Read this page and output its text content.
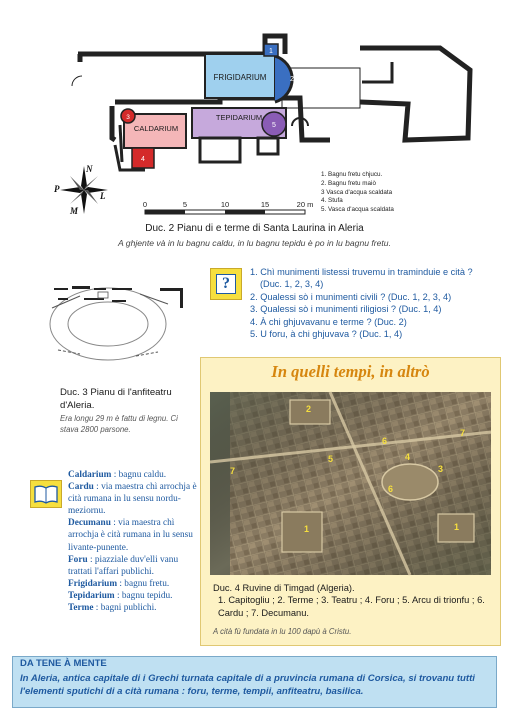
FRIGIDARIUM
TEPIDARIUM
CALDARIUM
1
2
3
4
5
N
P
L
M
0	5	10	15	20 m
1. Bagnu fretu chjucu.
2. Bagnu fretu maiò
3 Vasca d'acqua scaldata
4. Stufa
5. Vasca d'acqua scaldata
Duc. 2 Pianu di e terme di Santa Laurina in Aleria
A ghjente và in lu bagnu caldu, in lu bagnu tepidu è po in lu bagnu fretu.
Duc. 3 Pianu di l'anfiteatru d'Aleria.
Era longu 29 m è fattu di legnu. Ci stava 2800 parsone.
?

1. Chì munimenti listessi truvemu in traminduie e cità ?

(Duc. 1, 2, 3, 4)

2. Qualessi sò i munimenti civili ? (Duc. 1, 2, 3, 4)

3. Qualessi sò i munimenti riligiosi ? (Duc. 1, 4)

4. À chi ghjuvavanu e terme ? (Duc. 2)

5. U foru, à chi ghjuvava ? (Duc. 1, 4)

Caldarium : bagnu caldu.
Cardu : via maestra chì arrochja è cità rumana in lu sensu nordu-meziornu.
Decumanu : via maestra chì arrochja è cità rumana in lu sensu livante-punente.
Foru : piazziale duv'elli vanu trattati l'affari publichi.
Frigidarium : bagnu fretu.
Tepidarium : bagnu tepidu.
Terme : bagni publichi.
In quelli tempi, in altrò
2
6
4
5
3
7
7
6
1	1
Duc. 4 Ruvine di Timgad (Algeria).
1. Capitogliu ; 2. Terme ; 3. Teatru ; 4. Foru ; 5. Arcu di trionfu ; 6. Cardu ; 7. Decumanu.
A cità fù fundata in lu 100 dapù à Cristu.
DA TENE À MENTE
In Aleria, antica capitale di i Grechi turnata capitale di a pruvincia rumana di Corsica, si trovanu tutti l'elementi sputichi di a cità rumana : foru, terme, tempii, anfiteatru, basilica.
